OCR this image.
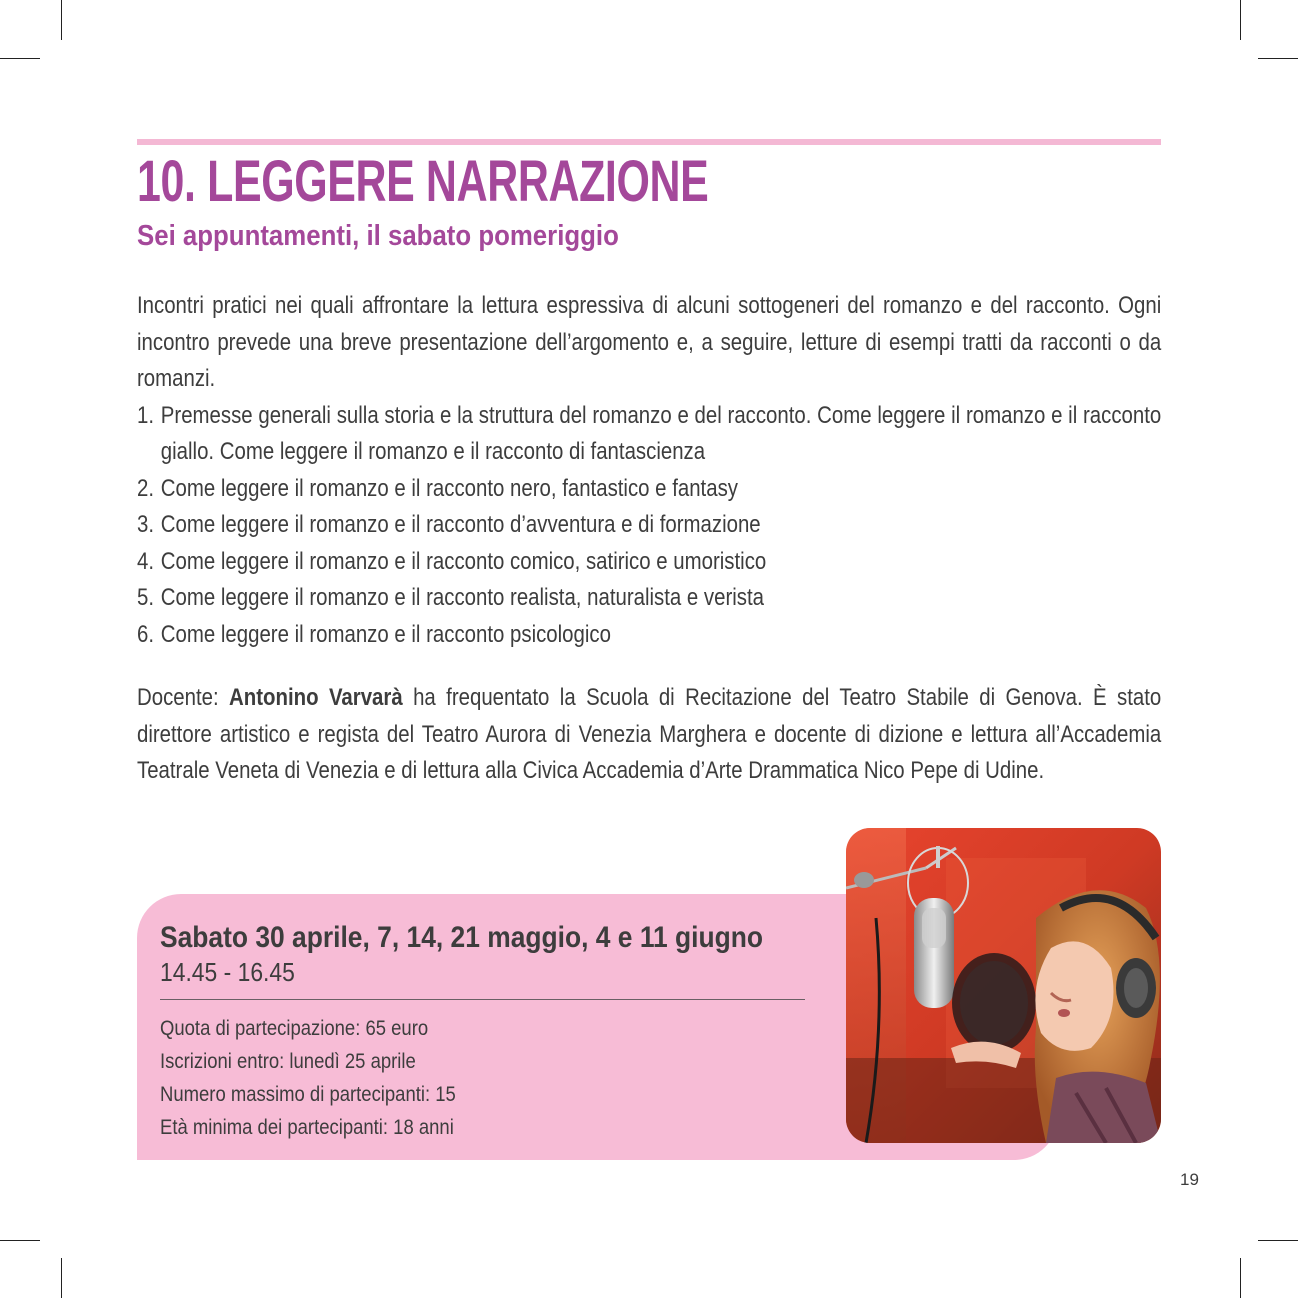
10. LEGGERE NARRAZIONE
Sei appuntamenti, il sabato pomeriggio

Incontri pratici nei quali affrontare la lettura espressiva di alcuni sottogeneri del romanzo e del racconto. Ogni incontro prevede una breve presentazione dell’argomento e, a seguire, letture di esempi tratti da racconti o da romanzi.

1. Premesse generali sulla storia e la struttura del romanzo e del racconto. Come leggere il romanzo e il racconto giallo. Come leggere il romanzo e il racconto di fantascienza
2. Come leggere il romanzo e il racconto nero, fantastico e fantasy
3. Come leggere il romanzo e il racconto d’avventura e di formazione
4. Come leggere il romanzo e il racconto comico, satirico e umoristico
5. Come leggere il romanzo e il racconto realista, naturalista e verista
6. Come leggere il romanzo e il racconto psicologico

Docente: Antonino Varvarà ha frequentato la Scuola di Recitazione del Teatro Stabile di Genova. È stato direttore artistico e regista del Teatro Aurora di Venezia Marghera e docente di dizione e lettura all’Accademia Teatrale Veneta di Venezia e di lettura alla Civica Accademia d’Arte Drammatica Nico Pepe di Udine.

Sabato 30 aprile, 7, 14, 21 maggio, 4 e 11 giugno
14.45 - 16.45
Quota di partecipazione: 65 euro
Iscrizioni entro: lunedì 25 aprile
Numero massimo di partecipanti: 15
Età minima dei partecipanti: 18 anni
19
